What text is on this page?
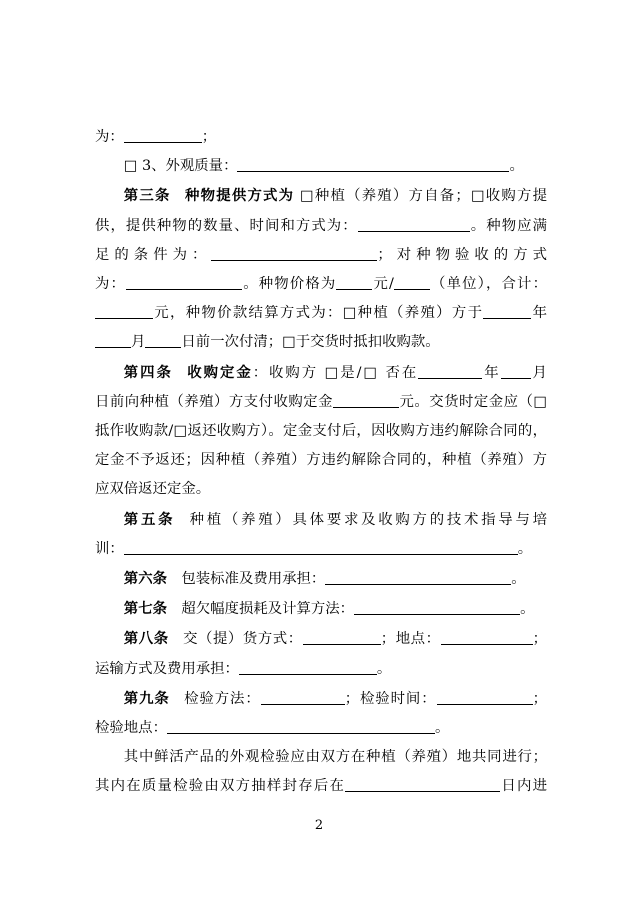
为：	；
□ 3、外观质量：	。
第三条 种物提供方式为 □种植（养殖）方自备；□收购方提
供，提供种物的数量、时间和方式为：	。种物应满
足的条件为：	；对种物验收的方式
为：	。种物价格为	元/	（单位），合计：
元，种物价款结算方式为：□种植（养殖）方于	年
月	日前一次付清；□于交货时抵扣收购款。
第四条 收购定金：收购方 □是/□ 否在	年 月
日前向种植（养殖）方支付收购定金	元。交货时定金应（□
抵作收购款/□返还收购方）。定金支付后，因收购方违约解除合同的，
定金不予返还；因种植（养殖）方违约解除合同的，种植（养殖）方
应双倍返还定金。
第五条 种植（养殖）具体要求及收购方的技术指导与培
训：	。
第六条 包装标准及费用承担：	。
第七条 超欠幅度损耗及计算方法：	。
第八条 交（提）货方式：	；地点：	；
运输方式及费用承担：	。
第九条 检验方法：	；检验时间：	；
检验地点：	。
其中鲜活产品的外观检验应由双方在种植（养殖）地共同进行；
其内在质量检验由双方抽样封存后在	日内进
2
